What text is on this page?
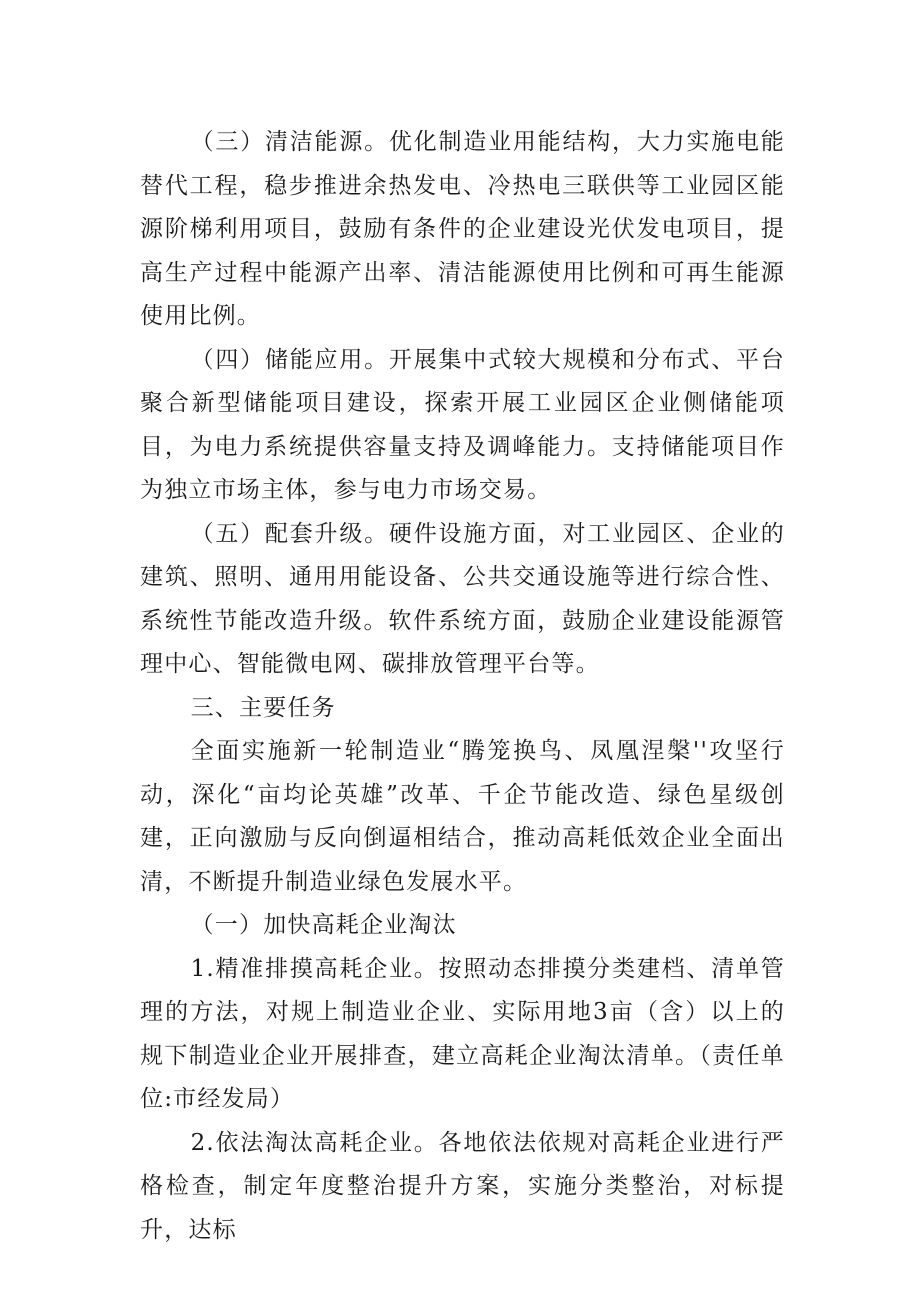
（三）清洁能源。优化制造业用能结构，大力实施电能替代工程，稳步推进余热发电、冷热电三联供等工业园区能源阶梯利用项目，鼓励有条件的企业建设光伏发电项目，提高生产过程中能源产出率、清洁能源使用比例和可再生能源使用比例。

（四）储能应用。开展集中式较大规模和分布式、平台聚合新型储能项目建设，探索开展工业园区企业侧储能项目，为电力系统提供容量支持及调峰能力。支持储能项目作为独立市场主体，参与电力市场交易。

（五）配套升级。硬件设施方面，对工业园区、企业的建筑、照明、通用用能设备、公共交通设施等进行综合性、系统性节能改造升级。软件系统方面，鼓励企业建设能源管理中心、智能微电网、碳排放管理平台等。

三、主要任务

全面实施新一轮制造业“腾笼换鸟、凤凰涅槃''攻坚行动，深化“亩均论英雄”改革、千企节能改造、绿色星级创建，正向激励与反向倒逼相结合，推动高耗低效企业全面出清，不断提升制造业绿色发展水平。

（一）加快高耗企业淘汰

1.精准排摸高耗企业。按照动态排摸分类建档、清单管理的方法，对规上制造业企业、实际用地3亩（含）以上的规下制造业企业开展排查，建立高耗企业淘汰清单。（责任单位:市经发局）

2.依法淘汰高耗企业。各地依法依规对高耗企业进行严格检查，制定年度整治提升方案，实施分类整治，对标提升，达标
